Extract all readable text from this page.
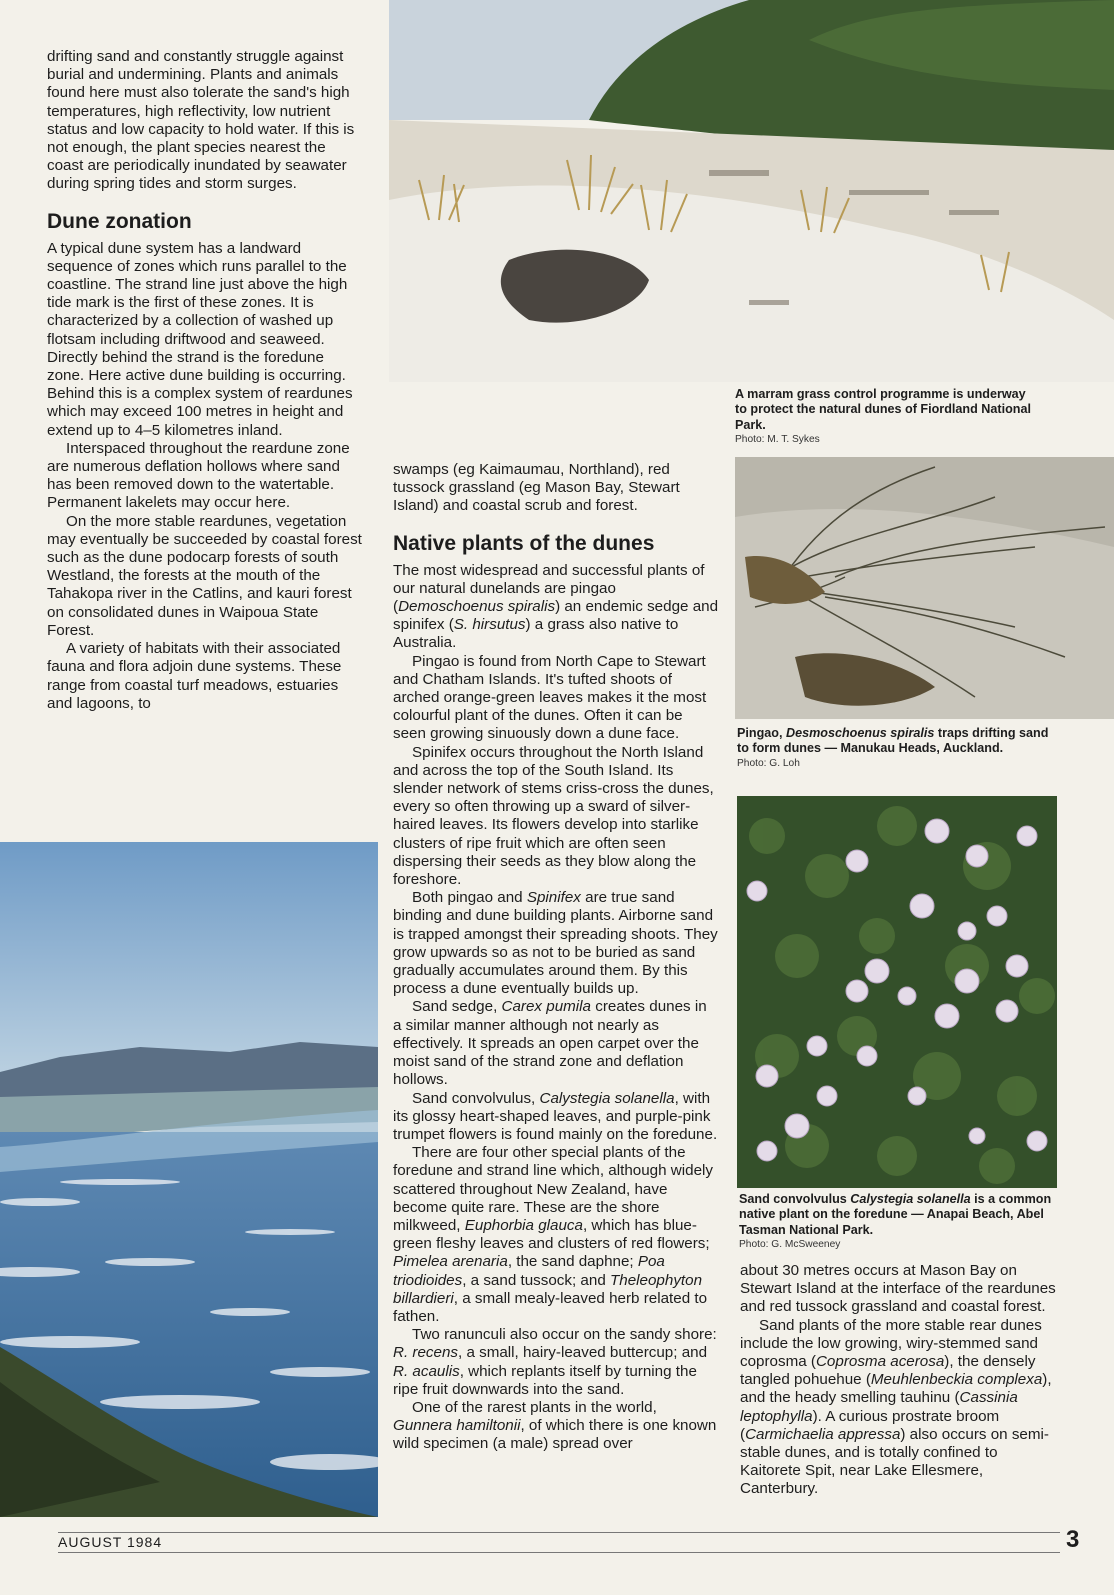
drifting sand and constantly struggle against burial and undermining. Plants and animals found here must also tolerate the sand's high temperatures, high reflectivity, low nutrient status and low capacity to hold water. If this is not enough, the plant species nearest the coast are periodically inundated by seawater during spring tides and storm surges.

Dune zonation

A typical dune system has a landward sequence of zones which runs parallel to the coastline. The strand line just above the high tide mark is the first of these zones. It is characterized by a collection of washed up flotsam including driftwood and seaweed. Directly behind the strand is the foredune zone. Here active dune building is occurring. Behind this is a complex system of reardunes which may exceed 100 metres in height and extend up to 4–5 kilometres inland.

Interspaced throughout the reardune zone are numerous deflation hollows where sand has been removed down to the watertable. Permanent lakelets may occur here.

On the more stable reardunes, vegetation may eventually be succeeded by coastal forest such as the dune podocarp forests of south Westland, the forests at the mouth of the Tahakopa river in the Catlins, and kauri forest on consolidated dunes in Waipoua State Forest.

A variety of habitats with their associated fauna and flora adjoin dune systems. These range from coastal turf meadows, estuaries and lagoons, to

A marram grass control programme is underway to protect the natural dunes of Fiordland National Park.
Photo: M. T. Sykes

swamps (eg Kaimaumau, Northland), red tussock grassland (eg Mason Bay, Stewart Island) and coastal scrub and forest.

Native plants of the dunes

The most widespread and successful plants of our natural dunelands are pingao (Demoschoenus spiralis) an endemic sedge and spinifex (S. hirsutus) a grass also native to Australia.

Pingao is found from North Cape to Stewart and Chatham Islands. It's tufted shoots of arched orange-green leaves makes it the most colourful plant of the dunes. Often it can be seen growing sinuously down a dune face.

Spinifex occurs throughout the North Island and across the top of the South Island. Its slender network of stems criss-cross the dunes, every so often throwing up a sward of silver-haired leaves. Its flowers develop into starlike clusters of ripe fruit which are often seen dispersing their seeds as they blow along the foreshore.

Both pingao and Spinifex are true sand binding and dune building plants. Airborne sand is trapped amongst their spreading shoots. They grow upwards so as not to be buried as sand gradually accumulates around them. By this process a dune eventually builds up.

Sand sedge, Carex pumila creates dunes in a similar manner although not nearly as effectively. It spreads an open carpet over the moist sand of the strand zone and deflation hollows.

Sand convolvulus, Calystegia solanella, with its glossy heart-shaped leaves, and purple-pink trumpet flowers is found mainly on the foredune.

There are four other special plants of the foredune and strand line which, although widely scattered throughout New Zealand, have become quite rare. These are the shore milkweed, Euphorbia glauca, which has blue-green fleshy leaves and clusters of red flowers; Pimelea arenaria, the sand daphne; Poa triodioides, a sand tussock; and Theleophyton billardieri, a small mealy-leaved herb related to fathen.

Two ranunculi also occur on the sandy shore: R. recens, a small, hairy-leaved buttercup; and R. acaulis, which replants itself by turning the ripe fruit downwards into the sand.

One of the rarest plants in the world, Gunnera hamiltonii, of which there is one known wild specimen (a male) spread over

Pingao, Desmoschoenus spiralis traps drifting sand to form dunes — Manukau Heads, Auckland.
Photo: G. Loh
Sand convolvulus Calystegia solanella is a common native plant on the foredune — Anapai Beach, Abel Tasman National Park.
Photo: G. McSweeney

about 30 metres occurs at Mason Bay on Stewart Island at the interface of the reardunes and red tussock grassland and coastal forest.

Sand plants of the more stable rear dunes include the low growing, wiry-stemmed sand coprosma (Coprosma acerosa), the densely tangled pohuehue (Meuhlenbeckia complexa), and the heady smelling tauhinu (Cassinia leptophylla). A curious prostrate broom (Carmichaelia appressa) also occurs on semi-stable dunes, and is totally confined to Kaitorete Spit, near Lake Ellesmere, Canterbury.

AUGUST 1984	3
